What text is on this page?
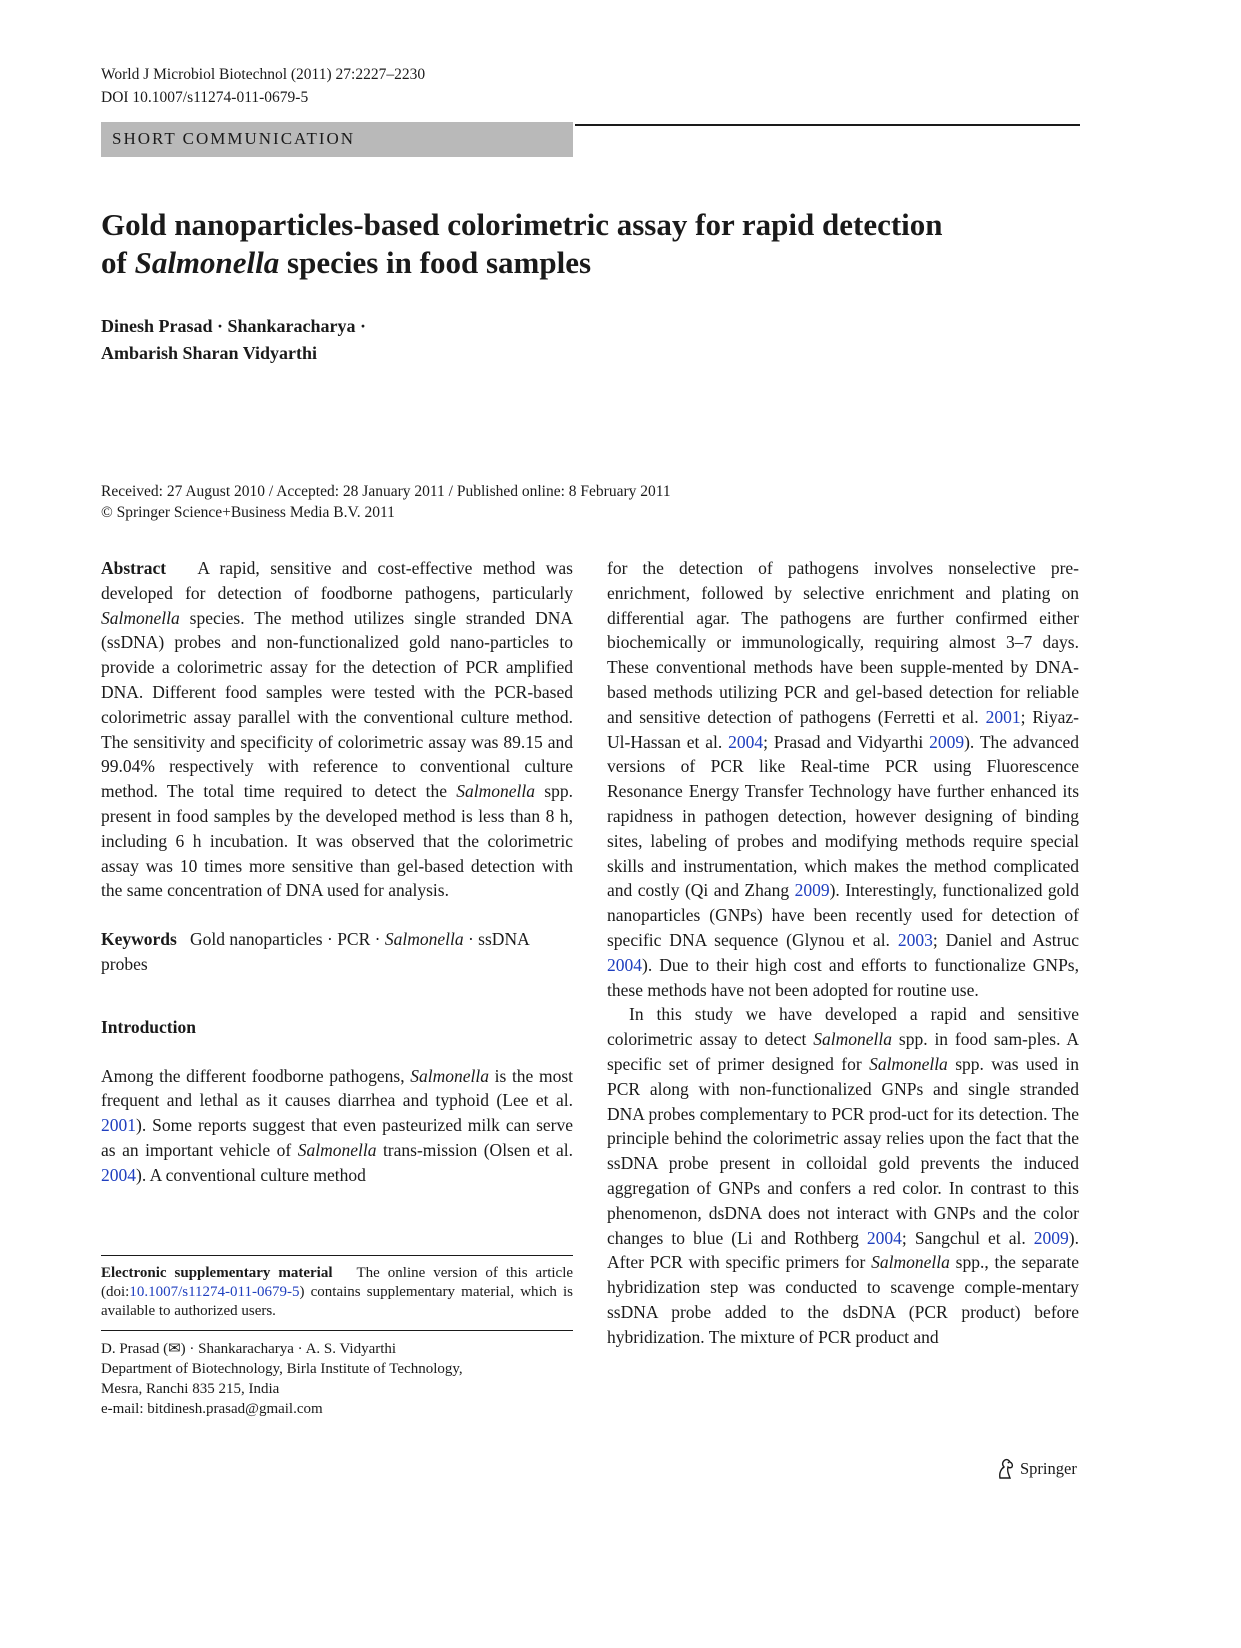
World J Microbiol Biotechnol (2011) 27:2227–2230
DOI 10.1007/s11274-011-0679-5
SHORT COMMUNICATION
Gold nanoparticles-based colorimetric assay for rapid detection
of Salmonella species in food samples
Dinesh Prasad · Shankaracharya ·
Ambarish Sharan Vidyarthi
Received: 27 August 2010 / Accepted: 28 January 2011 / Published online: 8 February 2011
© Springer Science+Business Media B.V. 2011

Abstract A rapid, sensitive and cost-effective method was developed for detection of foodborne pathogens, particularly Salmonella species. The method utilizes single stranded DNA (ssDNA) probes and non-functionalized gold nano-particles to provide a colorimetric assay for the detection of PCR amplified DNA. Different food samples were tested with the PCR-based colorimetric assay parallel with the conventional culture method. The sensitivity and specificity of colorimetric assay was 89.15 and 99.04% respectively with reference to conventional culture method. The total time required to detect the Salmonella spp. present in food samples by the developed method is less than 8 h, including 6 h incubation. It was observed that the colorimetric assay was 10 times more sensitive than gel-based detection with the same concentration of DNA used for analysis.

Keywords Gold nanoparticles · PCR · Salmonella · ssDNA probes

Introduction

Among the different foodborne pathogens, Salmonella is the most frequent and lethal as it causes diarrhea and typhoid (Lee et al. 2001). Some reports suggest that even pasteurized milk can serve as an important vehicle of Salmonella trans-mission (Olsen et al. 2004). A conventional culture method

Electronic supplementary material The online version of this article (doi:10.1007/s11274-011-0679-5) contains supplementary material, which is available to authorized users.
D. Prasad (✉) · Shankaracharya · A. S. Vidyarthi
Department of Biotechnology, Birla Institute of Technology,
Mesra, Ranchi 835 215, India
e-mail: bitdinesh.prasad@gmail.com

for the detection of pathogens involves nonselective pre-enrichment, followed by selective enrichment and plating on differential agar. The pathogens are further confirmed either biochemically or immunologically, requiring almost 3–7 days. These conventional methods have been supple-mented by DNA-based methods utilizing PCR and gel-based detection for reliable and sensitive detection of pathogens (Ferretti et al. 2001; Riyaz-Ul-Hassan et al. 2004; Prasad and Vidyarthi 2009). The advanced versions of PCR like Real-time PCR using Fluorescence Resonance Energy Transfer Technology have further enhanced its rapidness in pathogen detection, however designing of binding sites, labeling of probes and modifying methods require special skills and instrumentation, which makes the method complicated and costly (Qi and Zhang 2009). Interestingly, functionalized gold nanoparticles (GNPs) have been recently used for detection of specific DNA sequence (Glynou et al. 2003; Daniel and Astruc 2004). Due to their high cost and efforts to functionalize GNPs, these methods have not been adopted for routine use.

In this study we have developed a rapid and sensitive colorimetric assay to detect Salmonella spp. in food sam-ples. A specific set of primer designed for Salmonella spp. was used in PCR along with non-functionalized GNPs and single stranded DNA probes complementary to PCR prod-uct for its detection. The principle behind the colorimetric assay relies upon the fact that the ssDNA probe present in colloidal gold prevents the induced aggregation of GNPs and confers a red color. In contrast to this phenomenon, dsDNA does not interact with GNPs and the color changes to blue (Li and Rothberg 2004; Sangchul et al. 2009). After PCR with specific primers for Salmonella spp., the separate hybridization step was conducted to scavenge comple-mentary ssDNA probe added to the dsDNA (PCR product) before hybridization. The mixture of PCR product and

Springer
